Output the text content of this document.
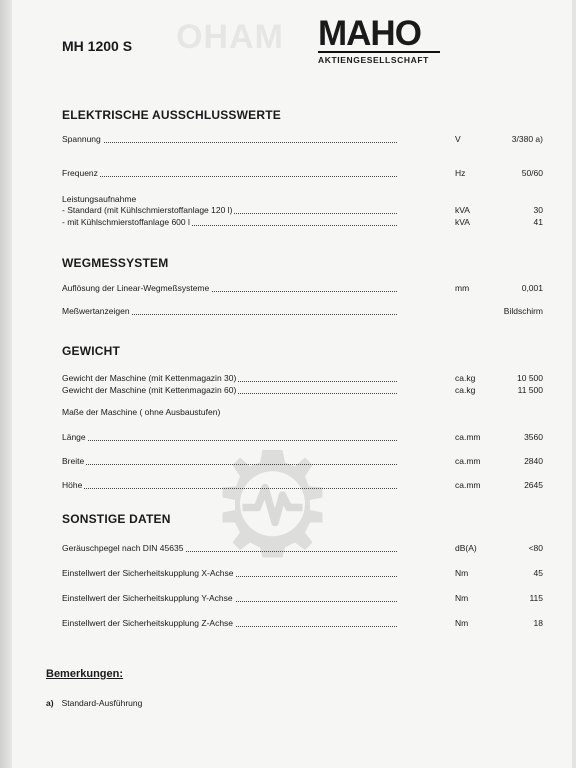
MAHO
MH 1200 S	MAHO
AKTIENGESELLSCHAFT
ELEKTRISCHE AUSSCHLUSSWERTE
Spannung	V	3/380 a)
Frequenz	Hz	50/60
Leistungsaufnahme
- Standard (mit Kühlschmierstoffanlage 120 l)	kVA	30
- mit Kühlschmierstoffanlage 600 l	kVA	41
WEGMESSYSTEM
Auflösung der Linear-Wegmeßsysteme	mm	0,001
Meßwertanzeigen	Bildschirm
GEWICHT
Gewicht der Maschine (mit Kettenmagazin 30)	ca.kg	10 500
Gewicht der Maschine (mit Kettenmagazin 60)	ca.kg	11 500
Maße der Maschine ( ohne Ausbaustufen)
Länge	ca.mm	3560
Breite	ca.mm	2840
Höhe	ca.mm	2645
SONSTIGE DATEN
Geräuschpegel nach DIN 45635	dB(A)	<80
Einstellwert der Sicherheitskupplung X-Achse	Nm	45
Einstellwert der Sicherheitskupplung Y-Achse	Nm	115
Einstellwert der Sicherheitskupplung Z-Achse	Nm	18
Bemerkungen:
a) Standard-Ausführung
